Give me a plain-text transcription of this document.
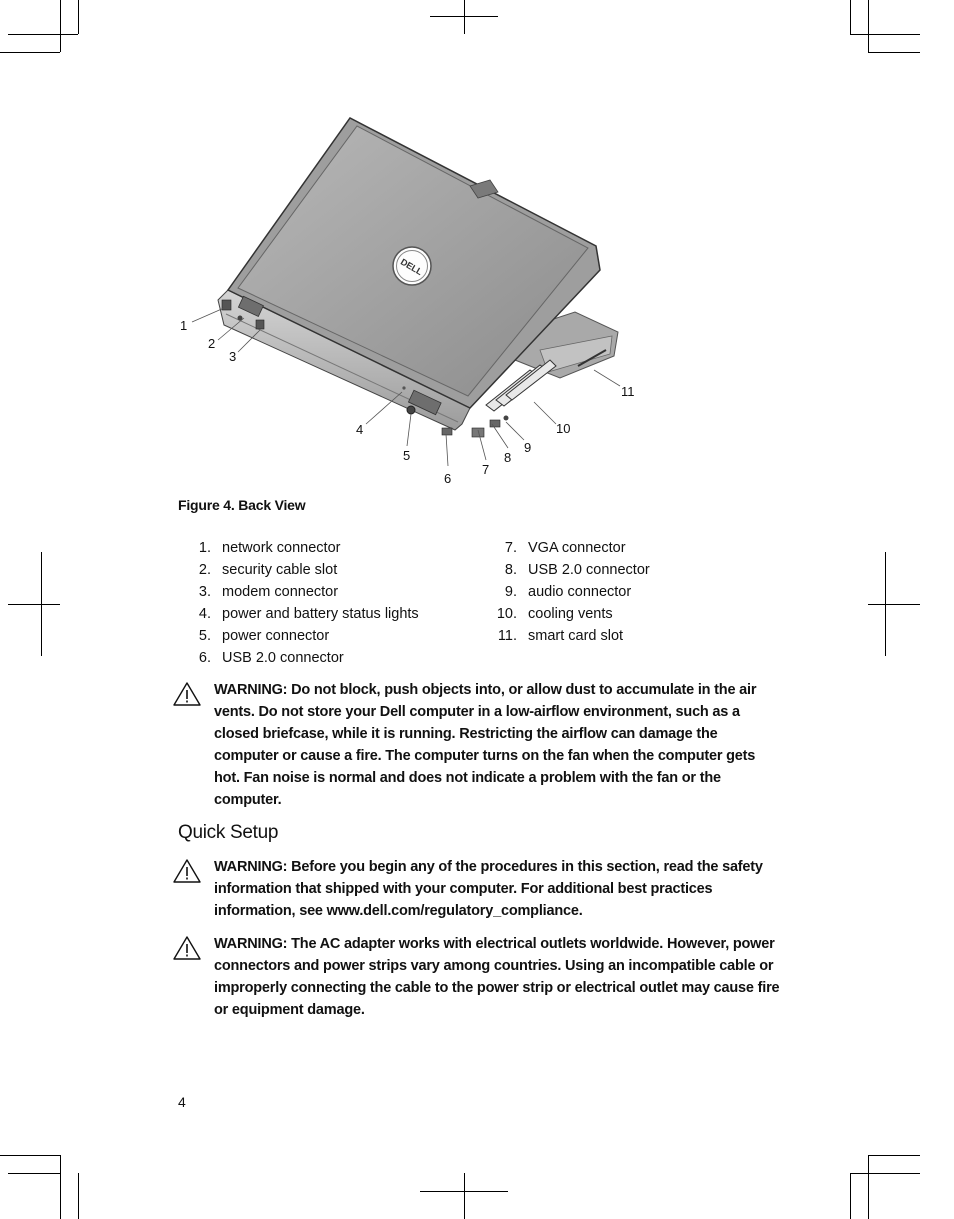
DELL
1
2
3
4
5
6
7
8
9
10
11
Figure 4. Back View
1. network connector
2. security cable slot
3. modem connector
4. power and battery status lights
5. power connector
6. USB 2.0 connector
7. VGA connector
8. USB 2.0 connector
9. audio connector
10. cooling vents
11. smart card slot
WARNING: Do not block, push objects into, or allow dust to accumulate in the air vents. Do not store your Dell computer in a low-airflow environment, such as a closed briefcase, while it is running. Restricting the airflow can damage the computer or cause a fire. The computer turns on the fan when the computer gets hot. Fan noise is normal and does not indicate a problem with the fan or the computer.
Quick Setup
WARNING: Before you begin any of the procedures in this section, read the safety information that shipped with your computer. For additional best practices information, see www.dell.com/regulatory_compliance.
WARNING: The AC adapter works with electrical outlets worldwide. However, power connectors and power strips vary among countries. Using an incompatible cable or improperly connecting the cable to the power strip or electrical outlet may cause fire or equipment damage.
4
